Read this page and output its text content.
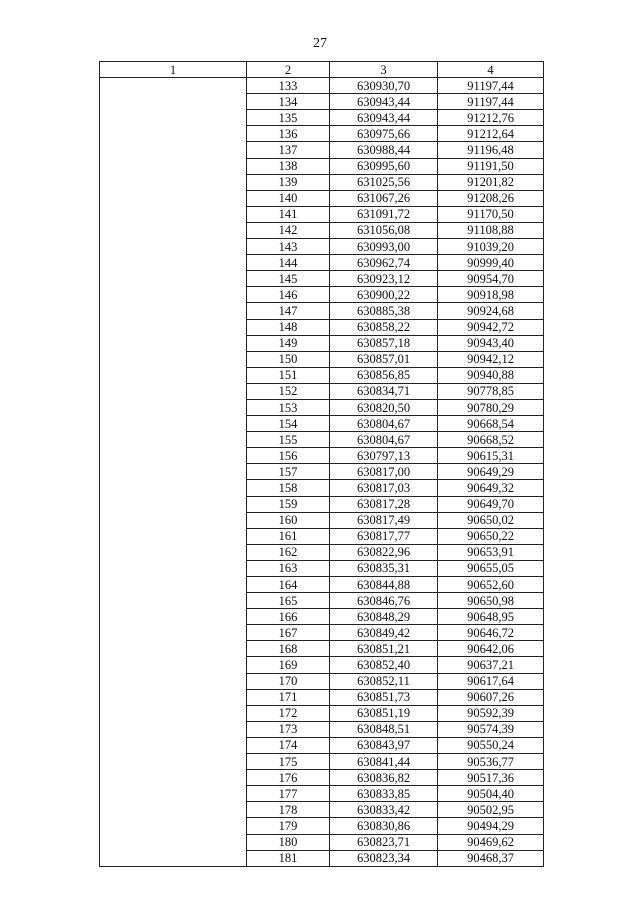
27
1	2	3	4
	133	630930,70	91197,44
	134	630943,44	91197,44
	135	630943,44	91212,76
	136	630975,66	91212,64
	137	630988,44	91196,48
	138	630995,60	91191,50
	139	631025,56	91201,82
	140	631067,26	91208,26
	141	631091,72	91170,50
	142	631056,08	91108,88
	143	630993,00	91039,20
	144	630962,74	90999,40
	145	630923,12	90954,70
	146	630900,22	90918,98
	147	630885,38	90924,68
	148	630858,22	90942,72
	149	630857,18	90943,40
	150	630857,01	90942,12
	151	630856,85	90940,88
	152	630834,71	90778,85
	153	630820,50	90780,29
	154	630804,67	90668,54
	155	630804,67	90668,52
	156	630797,13	90615,31
	157	630817,00	90649,29
	158	630817,03	90649,32
	159	630817,28	90649,70
	160	630817,49	90650,02
	161	630817,77	90650,22
	162	630822,96	90653,91
	163	630835,31	90655,05
	164	630844,88	90652,60
	165	630846,76	90650,98
	166	630848,29	90648,95
	167	630849,42	90646,72
	168	630851,21	90642,06
	169	630852,40	90637,21
	170	630852,11	90617,64
	171	630851,73	90607,26
	172	630851,19	90592,39
	173	630848,51	90574,39
	174	630843,97	90550,24
	175	630841,44	90536,77
	176	630836,82	90517,36
	177	630833,85	90504,40
	178	630833,42	90502,95
	179	630830,86	90494,29
	180	630823,71	90469,62
	181	630823,34	90468,37
